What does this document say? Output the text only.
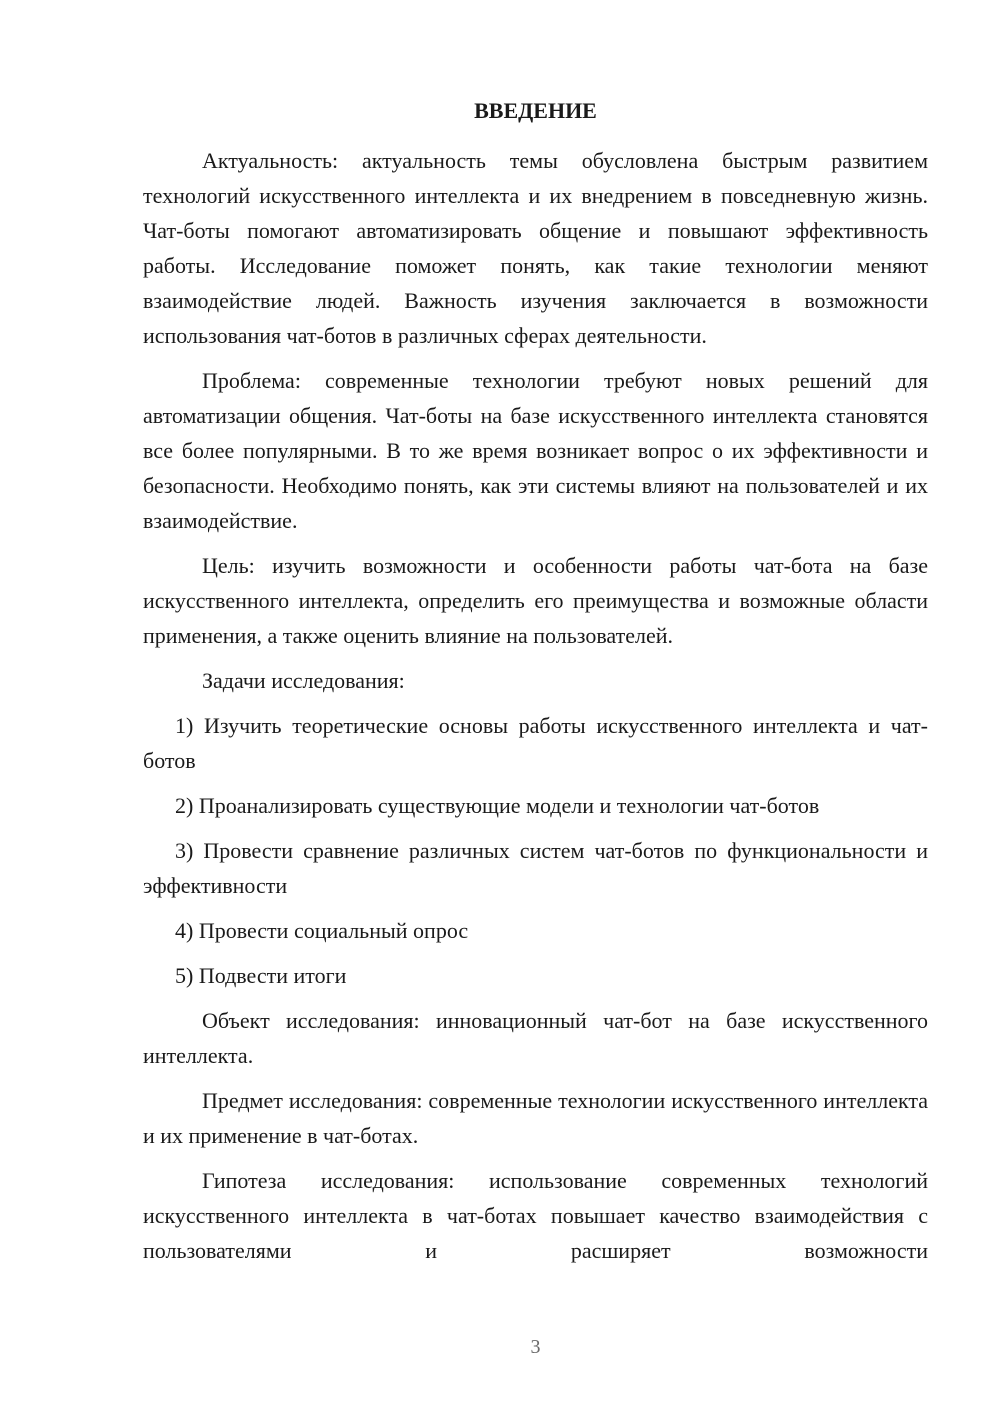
ВВЕДЕНИЕ

Актуальность: актуальность темы обусловлена быстрым развитием технологий искусственного интеллекта и их внедрением в повседневную жизнь. Чат-боты помогают автоматизировать общение и повышают эффективность работы. Исследование поможет понять, как такие технологии меняют взаимодействие людей. Важность изучения заключается в возможности использования чат-ботов в различных сферах деятельности.

Проблема: современные технологии требуют новых решений для автоматизации общения. Чат-боты на базе искусственного интеллекта становятся все более популярными. В то же время возникает вопрос о их эффективности и безопасности. Необходимо понять, как эти системы влияют на пользователей и их взаимодействие.

Цель: изучить возможности и особенности работы чат-бота на базе искусственного интеллекта, определить его преимущества и возможные области применения, а также оценить влияние на пользователей.

Задачи исследования:

1) Изучить теоретические основы работы искусственного интеллекта и чат-ботов

2) Проанализировать существующие модели и технологии чат-ботов

3) Провести сравнение различных систем чат-ботов по функциональности и эффективности

4) Провести социальный опрос

5) Подвести итоги

Объект исследования: инновационный чат-бот на базе искусственного интеллекта.

Предмет исследования: современные технологии искусственного интеллекта и их применение в чат-ботах.

Гипотеза исследования: использование современных технологий искусственного интеллекта в чат-ботах повышает качество взаимодействия с пользователями и расширяет возможности

3
